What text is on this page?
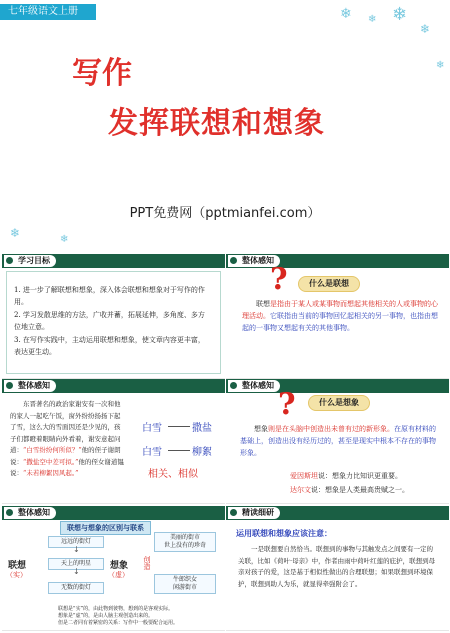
七年级语文上册	❄ ❄ ❄
❄
❄
❄	❄
写作
发挥联想和想象
PPT免费网（pptmianfei.com）
学习目标

1. 进一步了解联想和想象，深入体会联想和想象对于写作的作用。

2. 学习发散思维的方法，广收并蓄，拓展延伸，多角度、多方位地立意。

3. 在写作实践中，主动运用联想和想象，使文章内容更丰富，表达更生动。

整体感知
?	什么是联想
联想是指由于某人或某事物而想起其他相关的人或事物的心理活动。它联指由当前的事物回忆起相关的另一事物，也指由想起的一事物又想起有关的其他事物。
整体感知
东晋著名的政治家谢安有一次和他的家人一起吃午饭，窗外纷纷扬扬下起了雪，这么大的雪面因还是少见的，孩子们都瞪着眼睛向外看着，谢安意起问道：“白雪纷纷何所似？”他的侄子谢朗说：“撒盐空中差可拟。”他的侄女谢道韫说：“未若柳絮因风起。”
白雪	撒盐
白雪	柳絮
相关、相似
整体感知
?	什么是想象
想象则是在头脑中创造出未曾有过的新形象。在原有材料的基础上，创造出没有经历过的，甚至是现实中根本不存在的事物形象。
爱因斯坦说：想象力比知识更重要。
达尔文说：想象是人类最高贵赋之一。
整体感知
联想与想象的区别与联系
联想
（实）
远远的街灯
↓
天上的明星
↓
无数的街灯
想象
（虚）
创造
美丽的街市
世上没有的珍奇
牛郎织女
闲游街市
联想是“实”的，由此物到彼物，想到的是客观实际。
想象是“虚”的，是由人脑主观创造出来的。
但是二者同有着紧密的关系：写作中一般要配合运用。
精读细研
运用联想和想象应该注意：
一是联想要自然恰当。联想到的事物与其触发点之间要有一定的关联，比如《荷叶·母亲》中，作者由雨中荷叶红莲的庇护，联想到母亲对孩子的爱，这是基于相似性做出的合理联想；如果联想到环境保护，联想到助人为乐，就显得牵强附会了。
